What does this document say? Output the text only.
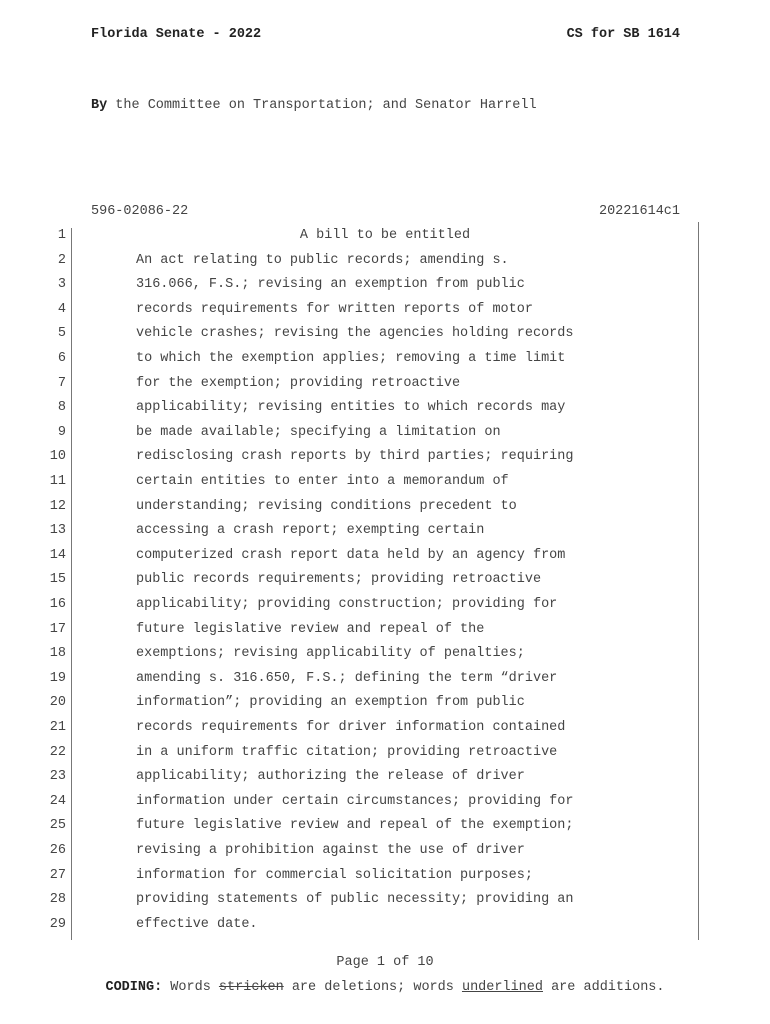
Florida Senate - 2022	CS for SB 1614
By the Committee on Transportation; and Senator Harrell
596-02086-22	20221614c1
1	A bill to be entitled
2	An act relating to public records; amending s.
3	316.066, F.S.; revising an exemption from public
4	records requirements for written reports of motor
5	vehicle crashes; revising the agencies holding records
6	to which the exemption applies; removing a time limit
7	for the exemption; providing retroactive
8	applicability; revising entities to which records may
9	be made available; specifying a limitation on
10	redisclosing crash reports by third parties; requiring
11	certain entities to enter into a memorandum of
12	understanding; revising conditions precedent to
13	accessing a crash report; exempting certain
14	computerized crash report data held by an agency from
15	public records requirements; providing retroactive
16	applicability; providing construction; providing for
17	future legislative review and repeal of the
18	exemptions; revising applicability of penalties;
19	amending s. 316.650, F.S.; defining the term “driver
20	information”; providing an exemption from public
21	records requirements for driver information contained
22	in a uniform traffic citation; providing retroactive
23	applicability; authorizing the release of driver
24	information under certain circumstances; providing for
25	future legislative review and repeal of the exemption;
26	revising a prohibition against the use of driver
27	information for commercial solicitation purposes;
28	providing statements of public necessity; providing an
29	effective date.
Page 1 of 10
CODING: Words stricken are deletions; words underlined are additions.
